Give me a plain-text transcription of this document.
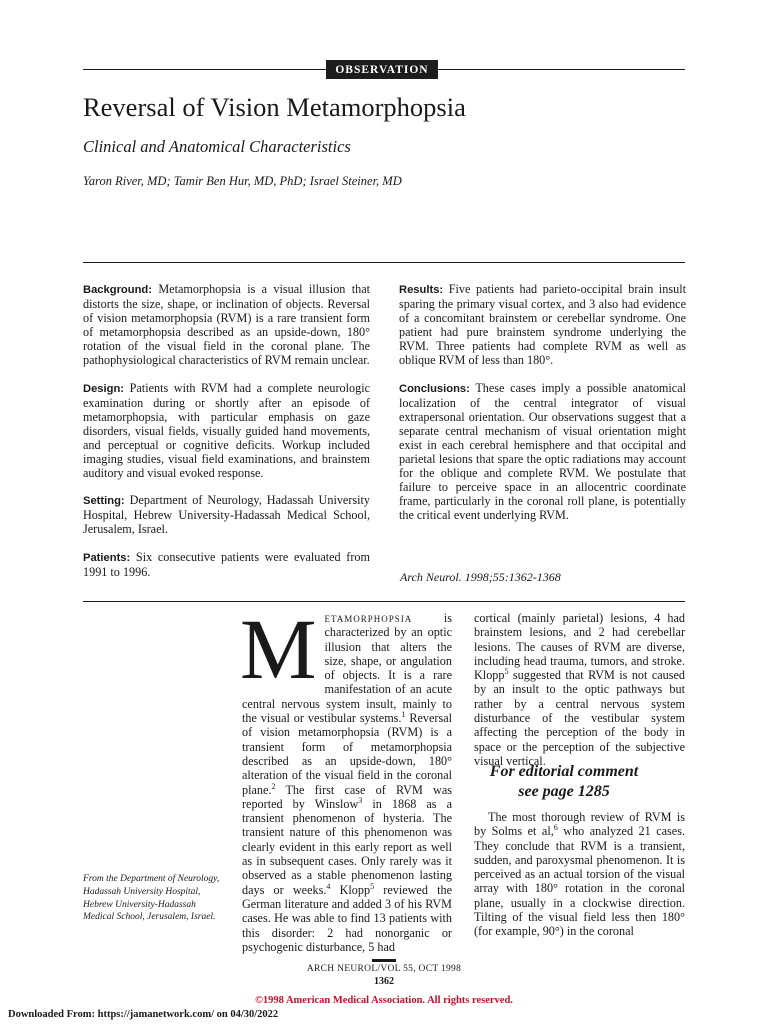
OBSERVATION
Reversal of Vision Metamorphopsia
Clinical and Anatomical Characteristics
Yaron River, MD; Tamir Ben Hur, MD, PhD; Israel Steiner, MD

Background: Metamorphopsia is a visual illusion that distorts the size, shape, or inclination of objects. Reversal of vision metamorphopsia (RVM) is a rare transient form of metamorphopsia described as an upside-down, 180° rotation of the visual field in the coronal plane. The pathophysiological characteristics of RVM remain unclear.

Design: Patients with RVM had a complete neurologic examination during or shortly after an episode of metamorphopsia, with particular emphasis on gaze disorders, visual fields, visually guided hand movements, and perceptual or cognitive deficits. Workup included imaging studies, visual field examinations, and brainstem auditory and visual evoked response.

Setting: Department of Neurology, Hadassah University Hospital, Hebrew University-Hadassah Medical School, Jerusalem, Israel.

Patients: Six consecutive patients were evaluated from 1991 to 1996.

Results: Five patients had parieto-occipital brain insult sparing the primary visual cortex, and 3 also had evidence of a concomitant brainstem or cerebellar syndrome. One patient had pure brainstem syndrome underlying the RVM. Three patients had complete RVM as well as oblique RVM of less than 180°.

Conclusions: These cases imply a possible anatomical localization of the central integrator of visual extrapersonal orientation. Our observations suggest that a separate central mechanism of visual orientation might exist in each cerebral hemisphere and that occipital and parietal lesions that spare the optic radiations may account for the oblique and complete RVM. We postulate that failure to perceive space in an allocentric coordinate frame, particularly in the coronal roll plane, is potentially the critical event underlying RVM.

Arch Neurol. 1998;55:1362-1368
Metamorphopsia is characterized by an optic illusion that alters the size, shape, or angulation of objects. It is a rare manifestation of an acute central nervous system insult, mainly to the visual or vestibular systems.$^1$ Reversal of vision metamorphopsia (RVM) is a transient form of metamorphopsia described as an upside-down, 180° alteration of the visual field in the coronal plane.$^2$ The first case of RVM was reported by Winslow$^3$ in 1868 as a transient phenomenon of hysteria. The transient nature of this phenomenon was clearly evident in this early report as well as in subsequent cases. Only rarely was it observed as a stable phenomenon lasting days or weeks.$^4$ Klopp$^5$ reviewed the German literature and added 3 of his RVM cases. He was able to find 13 patients with this disorder: 2 had nonorganic or psychogenic disturbance, 5 had
cortical (mainly parietal) lesions, 4 had brainstem lesions, and 2 had cerebellar lesions. The causes of RVM are diverse, including head trauma, tumors, and stroke. Klopp$^5$ suggested that RVM is not caused by an insult to the optic pathways but rather by a central nervous system disturbance of the vestibular system affecting the perception of the body in space or the perception of the subjective visual vertical.
For editorial comment
see page 1285
The most thorough review of RVM is by Solms et al,$^6$ who analyzed 21 cases. They conclude that RVM is a transient, sudden, and paroxysmal phenomenon. It is perceived as an actual torsion of the visual array with 180° rotation in the coronal plane, usually in a clockwise direction. Tilting of the visual field less then 180° (for example, 90°) in the coronal
From the Department of Neurology, Hadassah University Hospital, Hebrew University-Hadassah Medical School, Jerusalem, Israel.
ARCH NEUROL/VOL 55, OCT 1998
1362
©1998 American Medical Association. All rights reserved.
Downloaded From: https://jamanetwork.com/ on 04/30/2022
